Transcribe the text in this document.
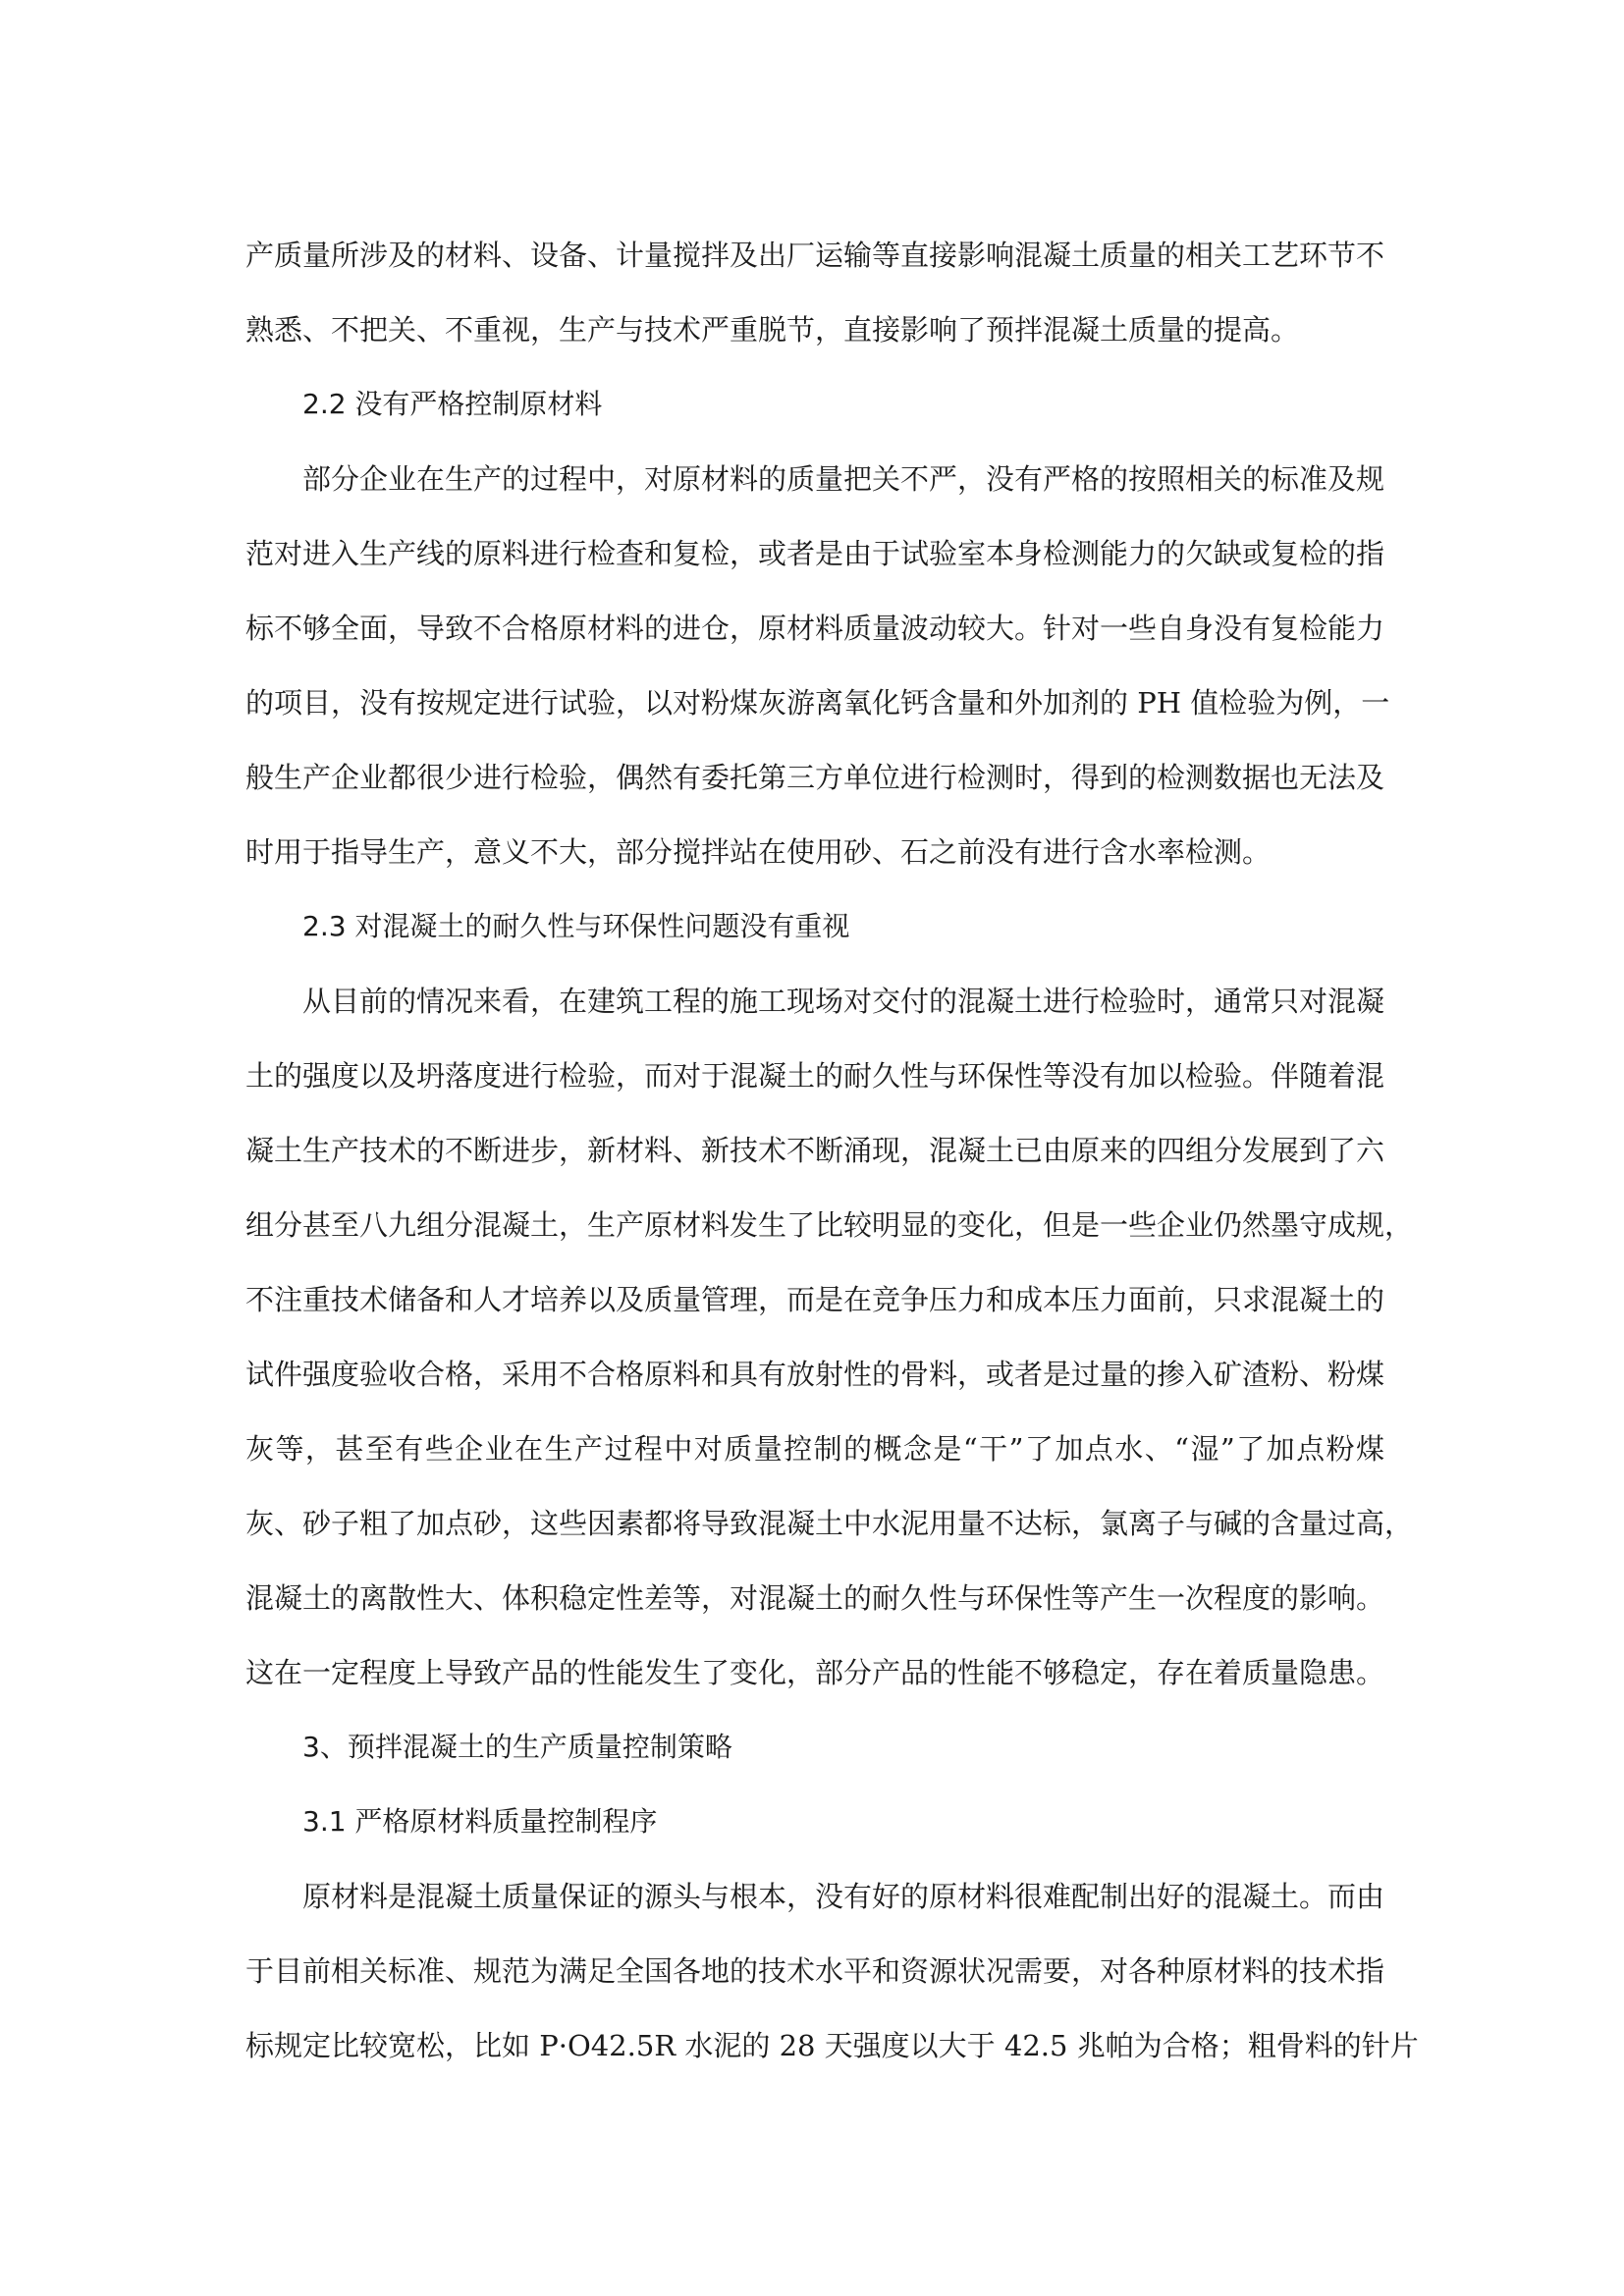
产质量所涉及的材料、设备、计量搅拌及出厂运输等直接影响混凝土质量的相关工艺环节不
熟悉、不把关、不重视，生产与技术严重脱节，直接影响了预拌混凝土质量的提高。
2.2 没有严格控制原材料
部分企业在生产的过程中，对原材料的质量把关不严，没有严格的按照相关的标准及规
范对进入生产线的原料进行检查和复检，或者是由于试验室本身检测能力的欠缺或复检的指
标不够全面，导致不合格原材料的进仓，原材料质量波动较大。针对一些自身没有复检能力
的项目，没有按规定进行试验，以对粉煤灰游离氧化钙含量和外加剂的 PH 值检验为例，一
般生产企业都很少进行检验，偶然有委托第三方单位进行检测时，得到的检测数据也无法及
时用于指导生产，意义不大，部分搅拌站在使用砂、石之前没有进行含水率检测。
2.3 对混凝土的耐久性与环保性问题没有重视
从目前的情况来看，在建筑工程的施工现场对交付的混凝土进行检验时，通常只对混凝
土的强度以及坍落度进行检验，而对于混凝土的耐久性与环保性等没有加以检验。伴随着混
凝土生产技术的不断进步，新材料、新技术不断涌现，混凝土已由原来的四组分发展到了六
组分甚至八九组分混凝土，生产原材料发生了比较明显的变化，但是一些企业仍然墨守成规，
不注重技术储备和人才培养以及质量管理，而是在竞争压力和成本压力面前，只求混凝土的
试件强度验收合格，采用不合格原料和具有放射性的骨料，或者是过量的掺入矿渣粉、粉煤
灰等，甚至有些企业在生产过程中对质量控制的概念是“干”了加点水、“湿”了加点粉煤
灰、砂子粗了加点砂，这些因素都将导致混凝土中水泥用量不达标，氯离子与碱的含量过高，
混凝土的离散性大、体积稳定性差等，对混凝土的耐久性与环保性等产生一次程度的影响。
这在一定程度上导致产品的性能发生了变化，部分产品的性能不够稳定，存在着质量隐患。
3、预拌混凝土的生产质量控制策略
3.1 严格原材料质量控制程序
原材料是混凝土质量保证的源头与根本，没有好的原材料很难配制出好的混凝土。而由
于目前相关标准、规范为满足全国各地的技术水平和资源状况需要，对各种原材料的技术指
标规定比较宽松，比如 P·O42.5R 水泥的 28 天强度以大于 42.5 兆帕为合格；粗骨料的针片
